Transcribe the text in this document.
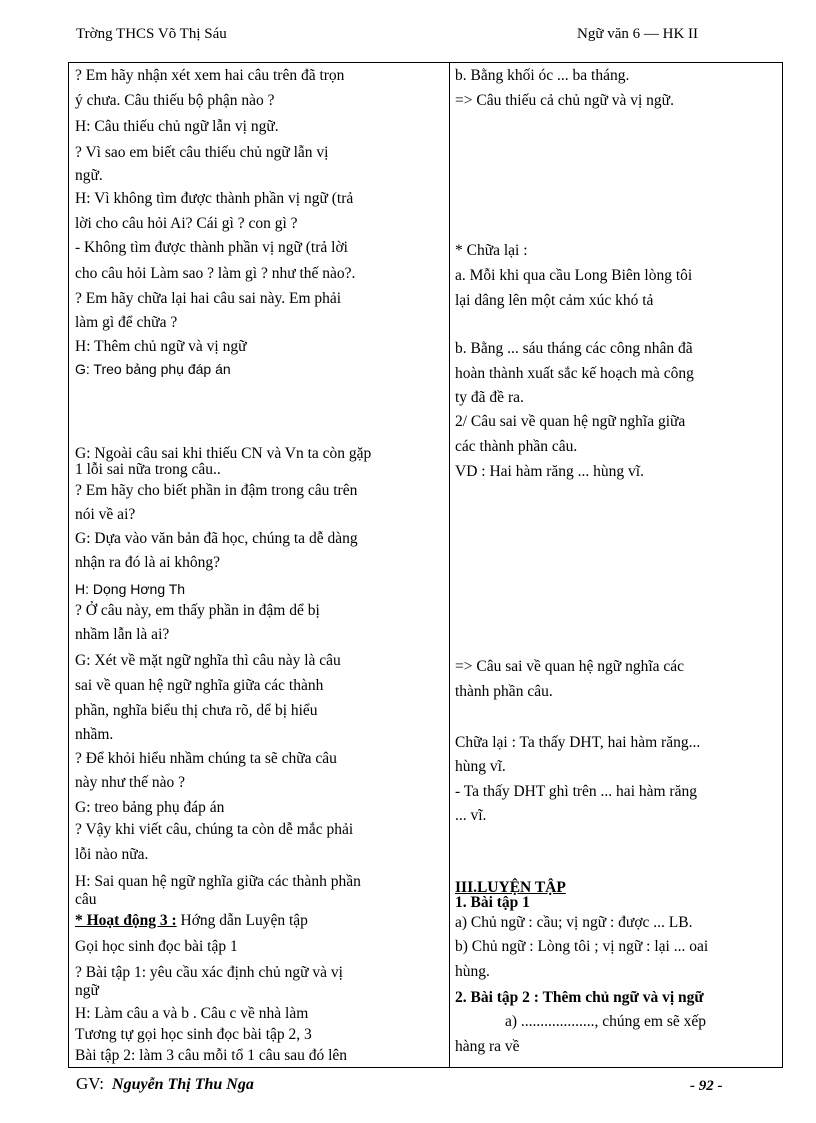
Trờng THCS Võ Thị Sáu	Ngữ văn 6 — HK II
? Em hãy nhận xét xem hai câu trên đã trọn
ý chưa. Câu thiếu bộ phận nào ?
H: Câu thiếu chủ ngữ lẫn vị ngữ.
? Vì sao em biết câu thiếu chủ ngữ lẫn vị
ngữ.
H: Vì không tìm được thành phần vị ngữ (trả
lời cho câu hỏi Ai? Cái gì ? con gì ?
- Không tìm được thành phần vị ngữ (trả lời
cho câu hỏi Làm sao ? làm gì ? như thế nào?.
? Em hãy chữa lại hai câu sai này. Em phải
làm gì để chữa ?
H: Thêm chủ ngữ và vị ngữ
G: Treo bảng phụ đáp án
G: Ngoài câu sai khi thiếu CN và Vn ta còn gặp
1 lỗi sai nữa trong câu..
? Em hãy cho biết phần in đậm trong câu trên
nói về ai?
G: Dựa vào văn bản đã học, chúng ta dễ dàng
nhận ra đó là ai không?
H: Dọng Hơng Th
? Ở câu này, em thấy phần in đậm dể bị
nhầm lẫn là ai?
G: Xét về mặt ngữ nghĩa thì câu này là câu
sai về quan hệ ngữ nghĩa giữa các thành
phần, nghĩa biểu thị chưa rõ, dể bị hiểu
nhầm.
? Để khỏi hiểu nhầm chúng ta sẽ chữa câu
này như thế nào ?
G: treo bảng phụ đáp án
? Vậy khi viết câu, chúng ta còn dễ mắc phải
lỗi nào nữa.
H: Sai quan hệ ngữ nghĩa giữa các thành phần
câu
* Hoạt động 3 : Hớng dẫn Luyện tập
Gọi học sinh đọc bài tập 1
? Bài tập 1: yêu cầu xác định chủ ngữ và vị
ngữ
H: Làm câu a và b . Câu c về nhà làm
Tương tự gọi học sinh đọc bài tập 2, 3
Bài tập 2: làm 3 câu mỗi tổ 1 câu sau đó lên
b. Bằng khối óc ... ba tháng.
=> Câu thiếu cả chủ ngữ và vị ngữ.
* Chữa lại :
a. Mỗi khi qua cầu Long Biên lòng tôi
lại dâng lên một cảm xúc khó tả
b. Bằng ... sáu tháng các công nhân đã
hoàn thành xuất sắc kế hoạch mà công
ty đã đề ra.
2/ Câu sai về quan hệ ngữ nghĩa giữa
các thành phần câu.
VD : Hai hàm răng ... hùng vĩ.
=> Câu sai về quan hệ ngữ nghĩa các
thành phần câu.
Chữa lại : Ta thấy DHT, hai hàm răng...
hùng vĩ.
- Ta thấy DHT ghì trên ... hai hàm răng
... vĩ.
III.LUYỆN TẬP
1. Bài tập 1
a) Chủ ngữ : cầu; vị ngữ : được ... LB.
b) Chủ ngữ : Lòng tôi ; vị ngữ : lại ... oai
hùng.
2. Bài tập 2 : Thêm chủ ngữ và vị ngữ
a) ..................., chúng em sẽ xếp
hàng ra về
GV: Nguyễn Thị Thu Nga	- 92 -
